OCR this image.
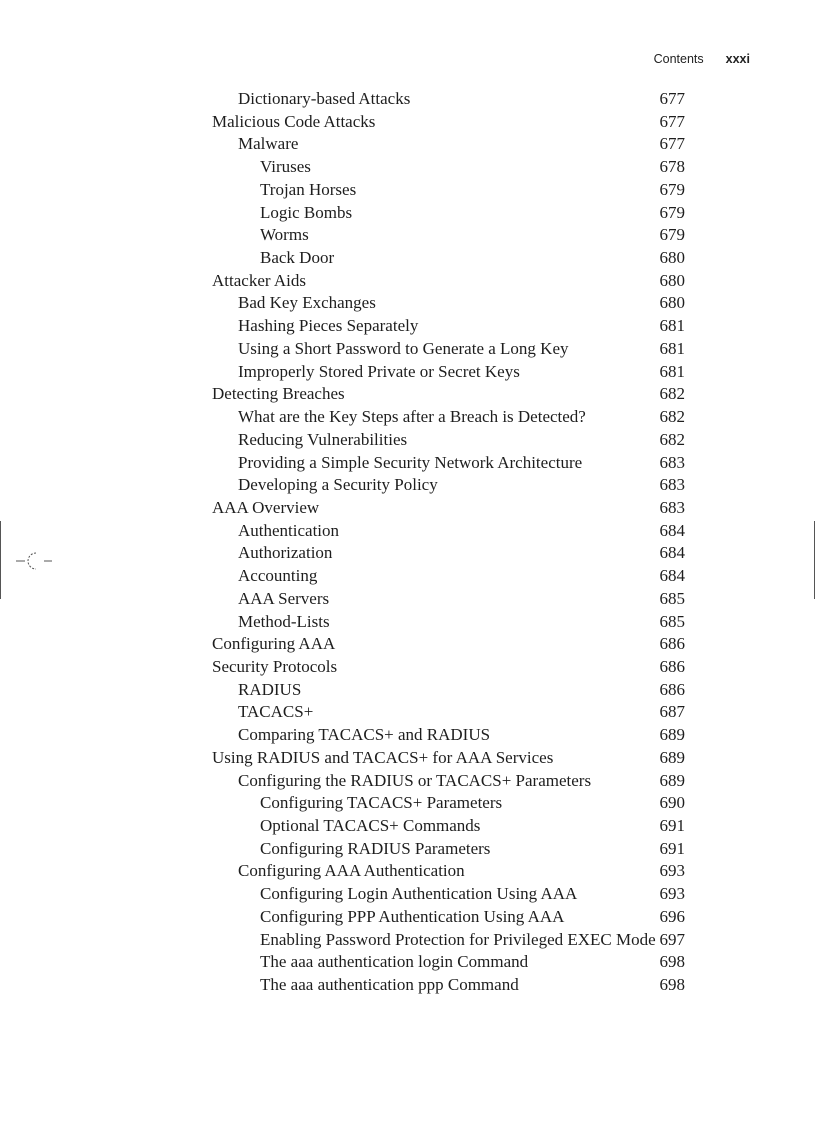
Contents xxxi
Dictionary-based Attacks	677
Malicious Code Attacks	677
Malware	677
Viruses	678
Trojan Horses	679
Logic Bombs	679
Worms	679
Back Door	680
Attacker Aids	680
Bad Key Exchanges	680
Hashing Pieces Separately	681
Using a Short Password to Generate a Long Key	681
Improperly Stored Private or Secret Keys	681
Detecting Breaches	682
What are the Key Steps after a Breach is Detected?	682
Reducing Vulnerabilities	682
Providing a Simple Security Network Architecture	683
Developing a Security Policy	683
AAA Overview	683
Authentication	684
Authorization	684
Accounting	684
AAA Servers	685
Method-Lists	685
Configuring AAA	686
Security Protocols	686
RADIUS	686
TACACS+	687
Comparing TACACS+ and RADIUS	689
Using RADIUS and TACACS+ for AAA Services	689
Configuring the RADIUS or TACACS+ Parameters	689
Configuring TACACS+ Parameters	690
Optional TACACS+ Commands	691
Configuring RADIUS Parameters	691
Configuring AAA Authentication	693
Configuring Login Authentication Using AAA	693
Configuring PPP Authentication Using AAA	696
Enabling Password Protection for Privileged EXEC Mode 697
The aaa authentication login Command	698
The aaa authentication ppp Command	698
